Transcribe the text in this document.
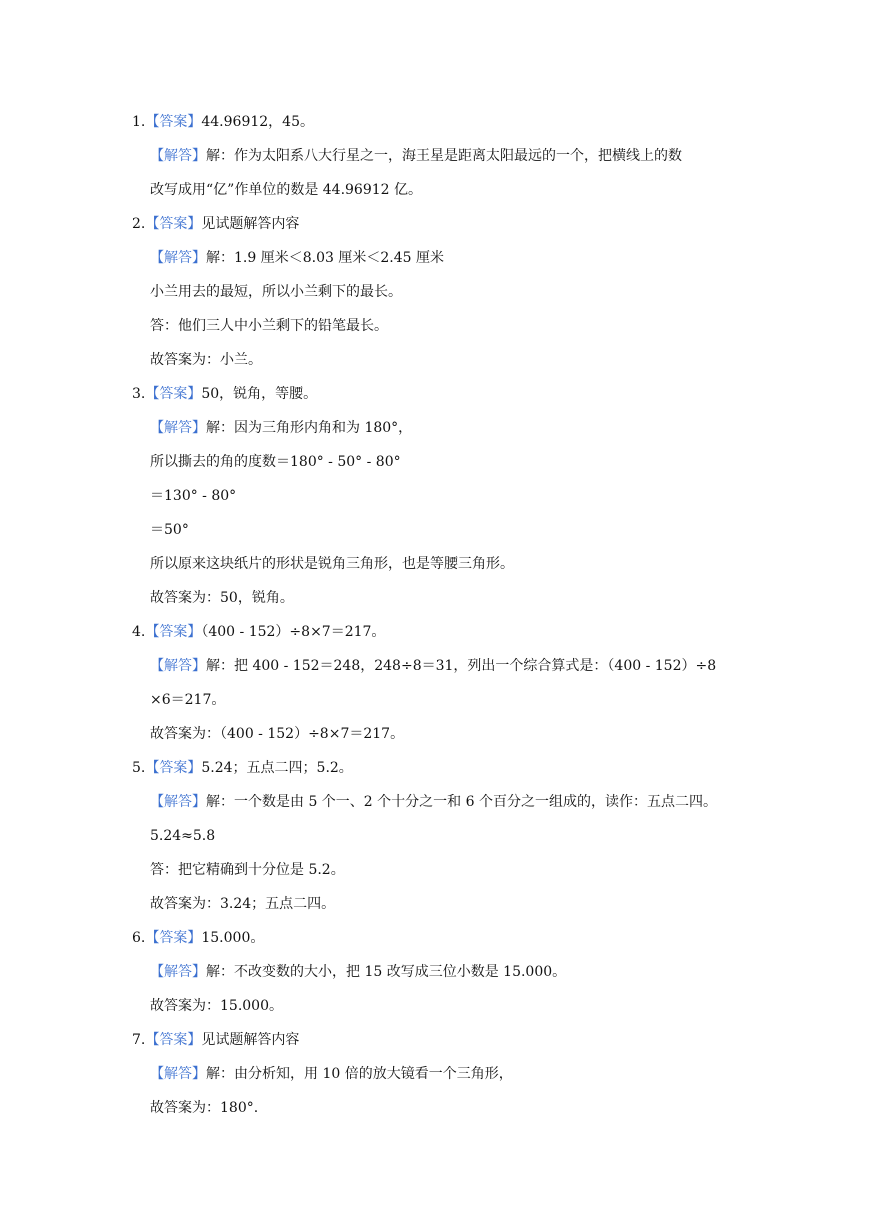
1.【答案】44.96912，45。
【解答】解：作为太阳系八大行星之一，海王星是距离太阳最远的一个，把横线上的数
改写成用“亿”作单位的数是 44.96912 亿。
2.【答案】见试题解答内容
【解答】解：1.9 厘米＜8.03 厘米＜2.45 厘米
小兰用去的最短，所以小兰剩下的最长。
答：他们三人中小兰剩下的铅笔最长。
故答案为：小兰。
3.【答案】50，锐角，等腰。
【解答】解：因为三角形内角和为 180°，
所以撕去的角的度数＝180° - 50° - 80°
＝130° - 80°
＝50°
所以原来这块纸片的形状是锐角三角形，也是等腰三角形。
故答案为：50，锐角。
4.【答案】（400 - 152）÷8×7＝217。
【解答】解：把 400 - 152＝248，248÷8＝31，列出一个综合算式是：（400 - 152）÷8
×6＝217。
故答案为：（400 - 152）÷8×7＝217。
5.【答案】5.24；五点二四；5.2。
【解答】解：一个数是由 5 个一、2 个十分之一和 6 个百分之一组成的，读作：五点二四。
5.24≈5.8
答：把它精确到十分位是 5.2。
故答案为：3.24；五点二四。
6.【答案】15.000。
【解答】解：不改变数的大小，把 15 改写成三位小数是 15.000。
故答案为：15.000。
7.【答案】见试题解答内容
【解答】解：由分析知，用 10 倍的放大镜看一个三角形，
故答案为：180°.
